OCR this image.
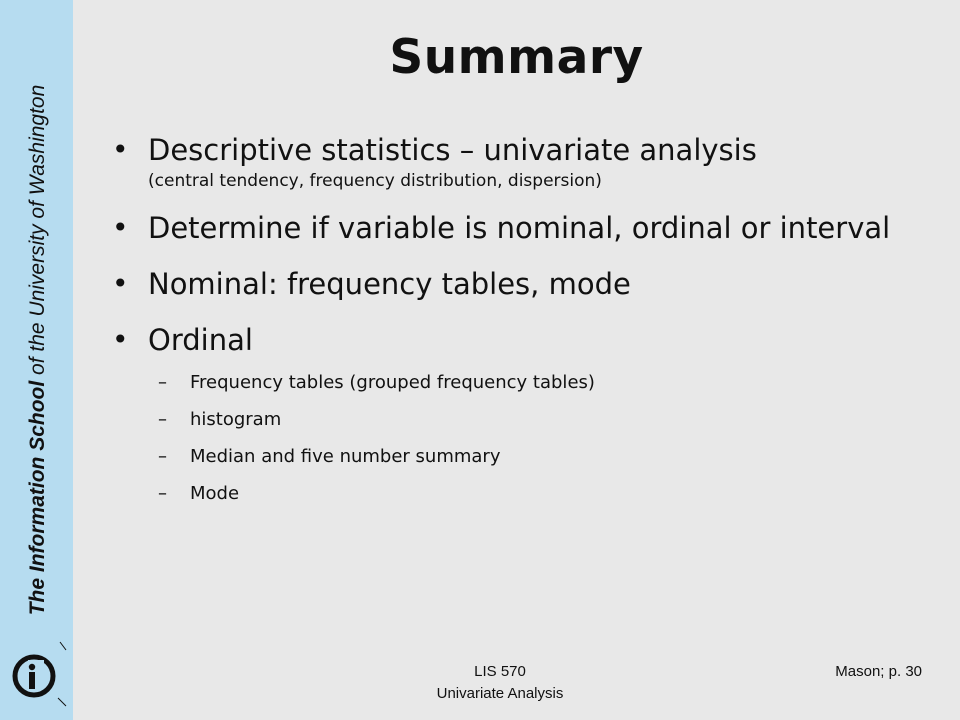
The Information School of the University of Washington
Summary
• Descriptive statistics – univariate analysis
(central tendency, frequency distribution, dispersion)
• Determine if variable is nominal, ordinal or interval
• Nominal: frequency tables, mode
• Ordinal
– Frequency tables (grouped frequency tables)
– histogram
– Median and five number summary
– Mode
LIS 570
Univariate Analysis
Mason; p. 30
